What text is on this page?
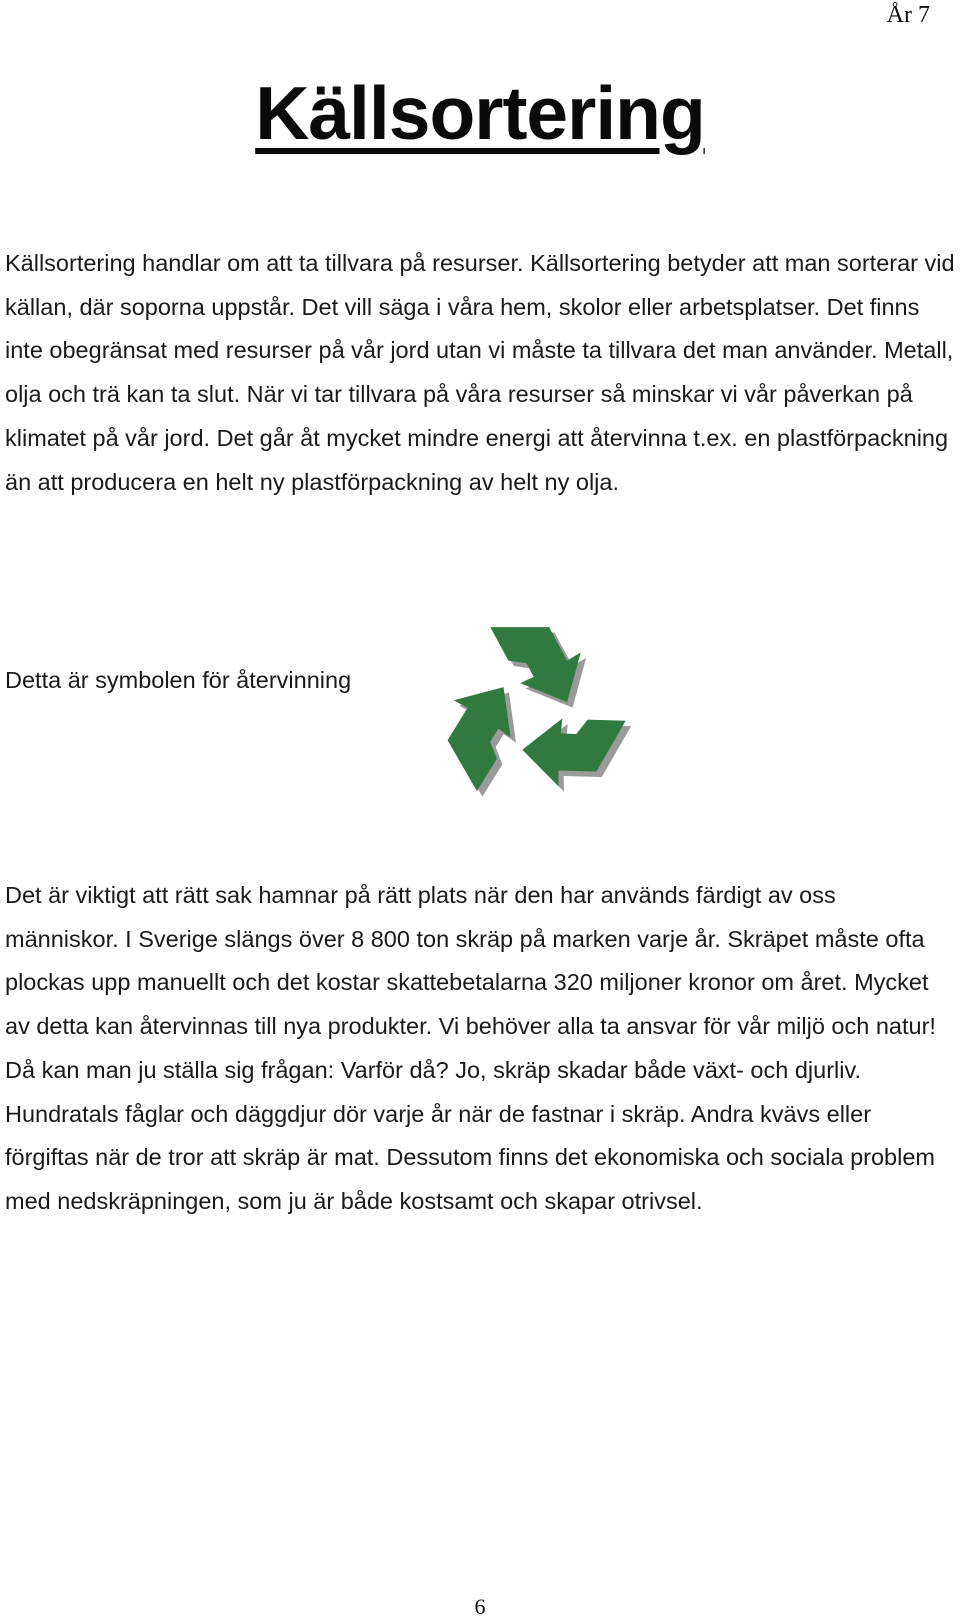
År 7
Källsortering

Källsortering handlar om att ta tillvara på resurser. Källsortering betyder att man sorterar vid källan, där soporna uppstår. Det vill säga i våra hem, skolor eller arbetsplatser. Det finns inte obegränsat med resurser på vår jord utan vi måste ta tillvara det man använder. Metall, olja och trä kan ta slut. När vi tar tillvara på våra resurser så minskar vi vår påverkan på klimatet på vår jord. Det går åt mycket mindre energi att återvinna t.ex. en plastförpackning än att producera en helt ny plastförpackning av helt ny olja.

Detta är symbolen för återvinning

Det är viktigt att rätt sak hamnar på rätt plats när den har används färdigt av oss människor. I Sverige slängs över 8 800 ton skräp på marken varje år. Skräpet måste ofta plockas upp manuellt och det kostar skattebetalarna 320 miljoner kronor om året. Mycket av detta kan återvinnas till nya produkter. Vi behöver alla ta ansvar för vår miljö och natur! Då kan man ju ställa sig frågan: Varför då? Jo, skräp skadar både växt- och djurliv. Hundratals fåglar och däggdjur dör varje år när de fastnar i skräp. Andra kvävs eller förgiftas när de tror att skräp är mat. Dessutom finns det ekonomiska och sociala problem med nedskräpningen, som ju är både kostsamt och skapar otrivsel.

6
